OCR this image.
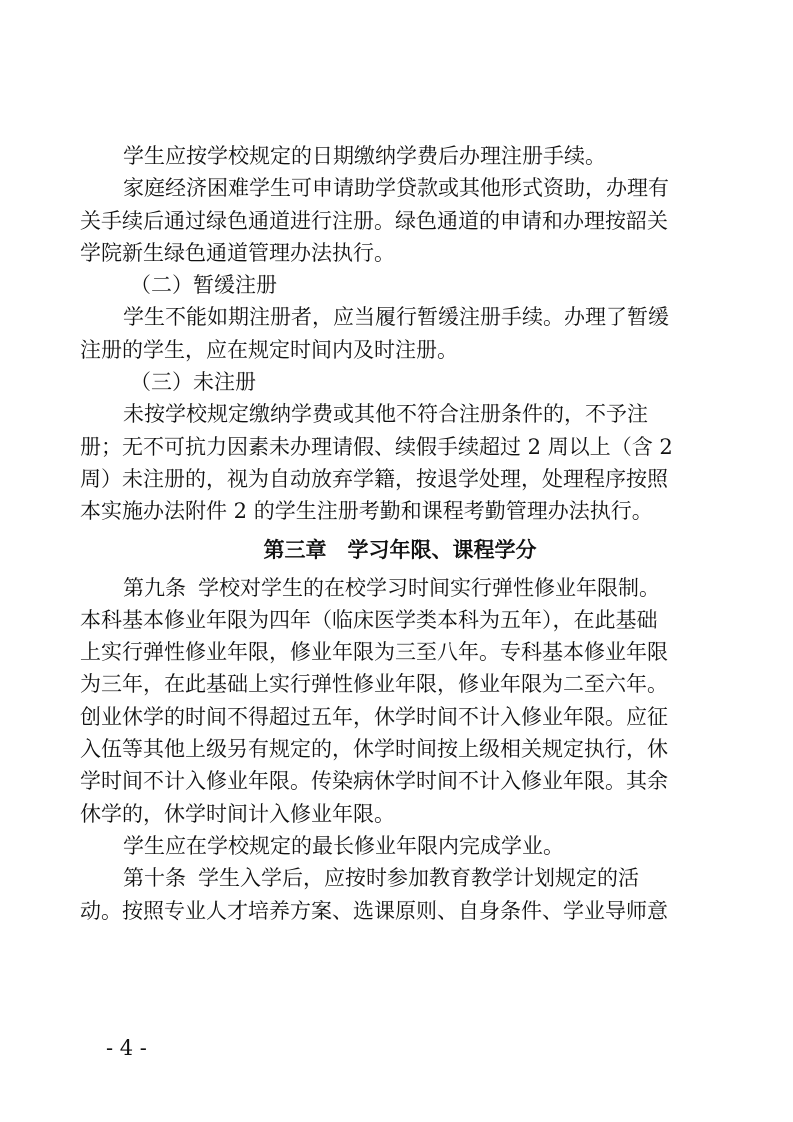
学生应按学校规定的日期缴纳学费后办理注册手续。

家庭经济困难学生可申请助学贷款或其他形式资助，办理有

关手续后通过绿色通道进行注册。绿色通道的申请和办理按韶关

学院新生绿色通道管理办法执行。

（二）暂缓注册

学生不能如期注册者，应当履行暂缓注册手续。办理了暂缓

注册的学生，应在规定时间内及时注册。

（三）未注册

未按学校规定缴纳学费或其他不符合注册条件的，不予注

册；无不可抗力因素未办理请假、续假手续超过 2 周以上（含 2

周）未注册的，视为自动放弃学籍，按退学处理，处理程序按照

本实施办法附件 2 的学生注册考勤和课程考勤管理办法执行。

第三章　学习年限、课程学分

第九条 学校对学生的在校学习时间实行弹性修业年限制。

本科基本修业年限为四年（临床医学类本科为五年），在此基础

上实行弹性修业年限，修业年限为三至八年。专科基本修业年限

为三年，在此基础上实行弹性修业年限，修业年限为二至六年。

创业休学的时间不得超过五年，休学时间不计入修业年限。应征

入伍等其他上级另有规定的，休学时间按上级相关规定执行，休

学时间不计入修业年限。传染病休学时间不计入修业年限。其余

休学的，休学时间计入修业年限。

学生应在学校规定的最长修业年限内完成学业。

第十条 学生入学后，应按时参加教育教学计划规定的活

动。按照专业人才培养方案、选课原则、自身条件、学业导师意

- 4 -
